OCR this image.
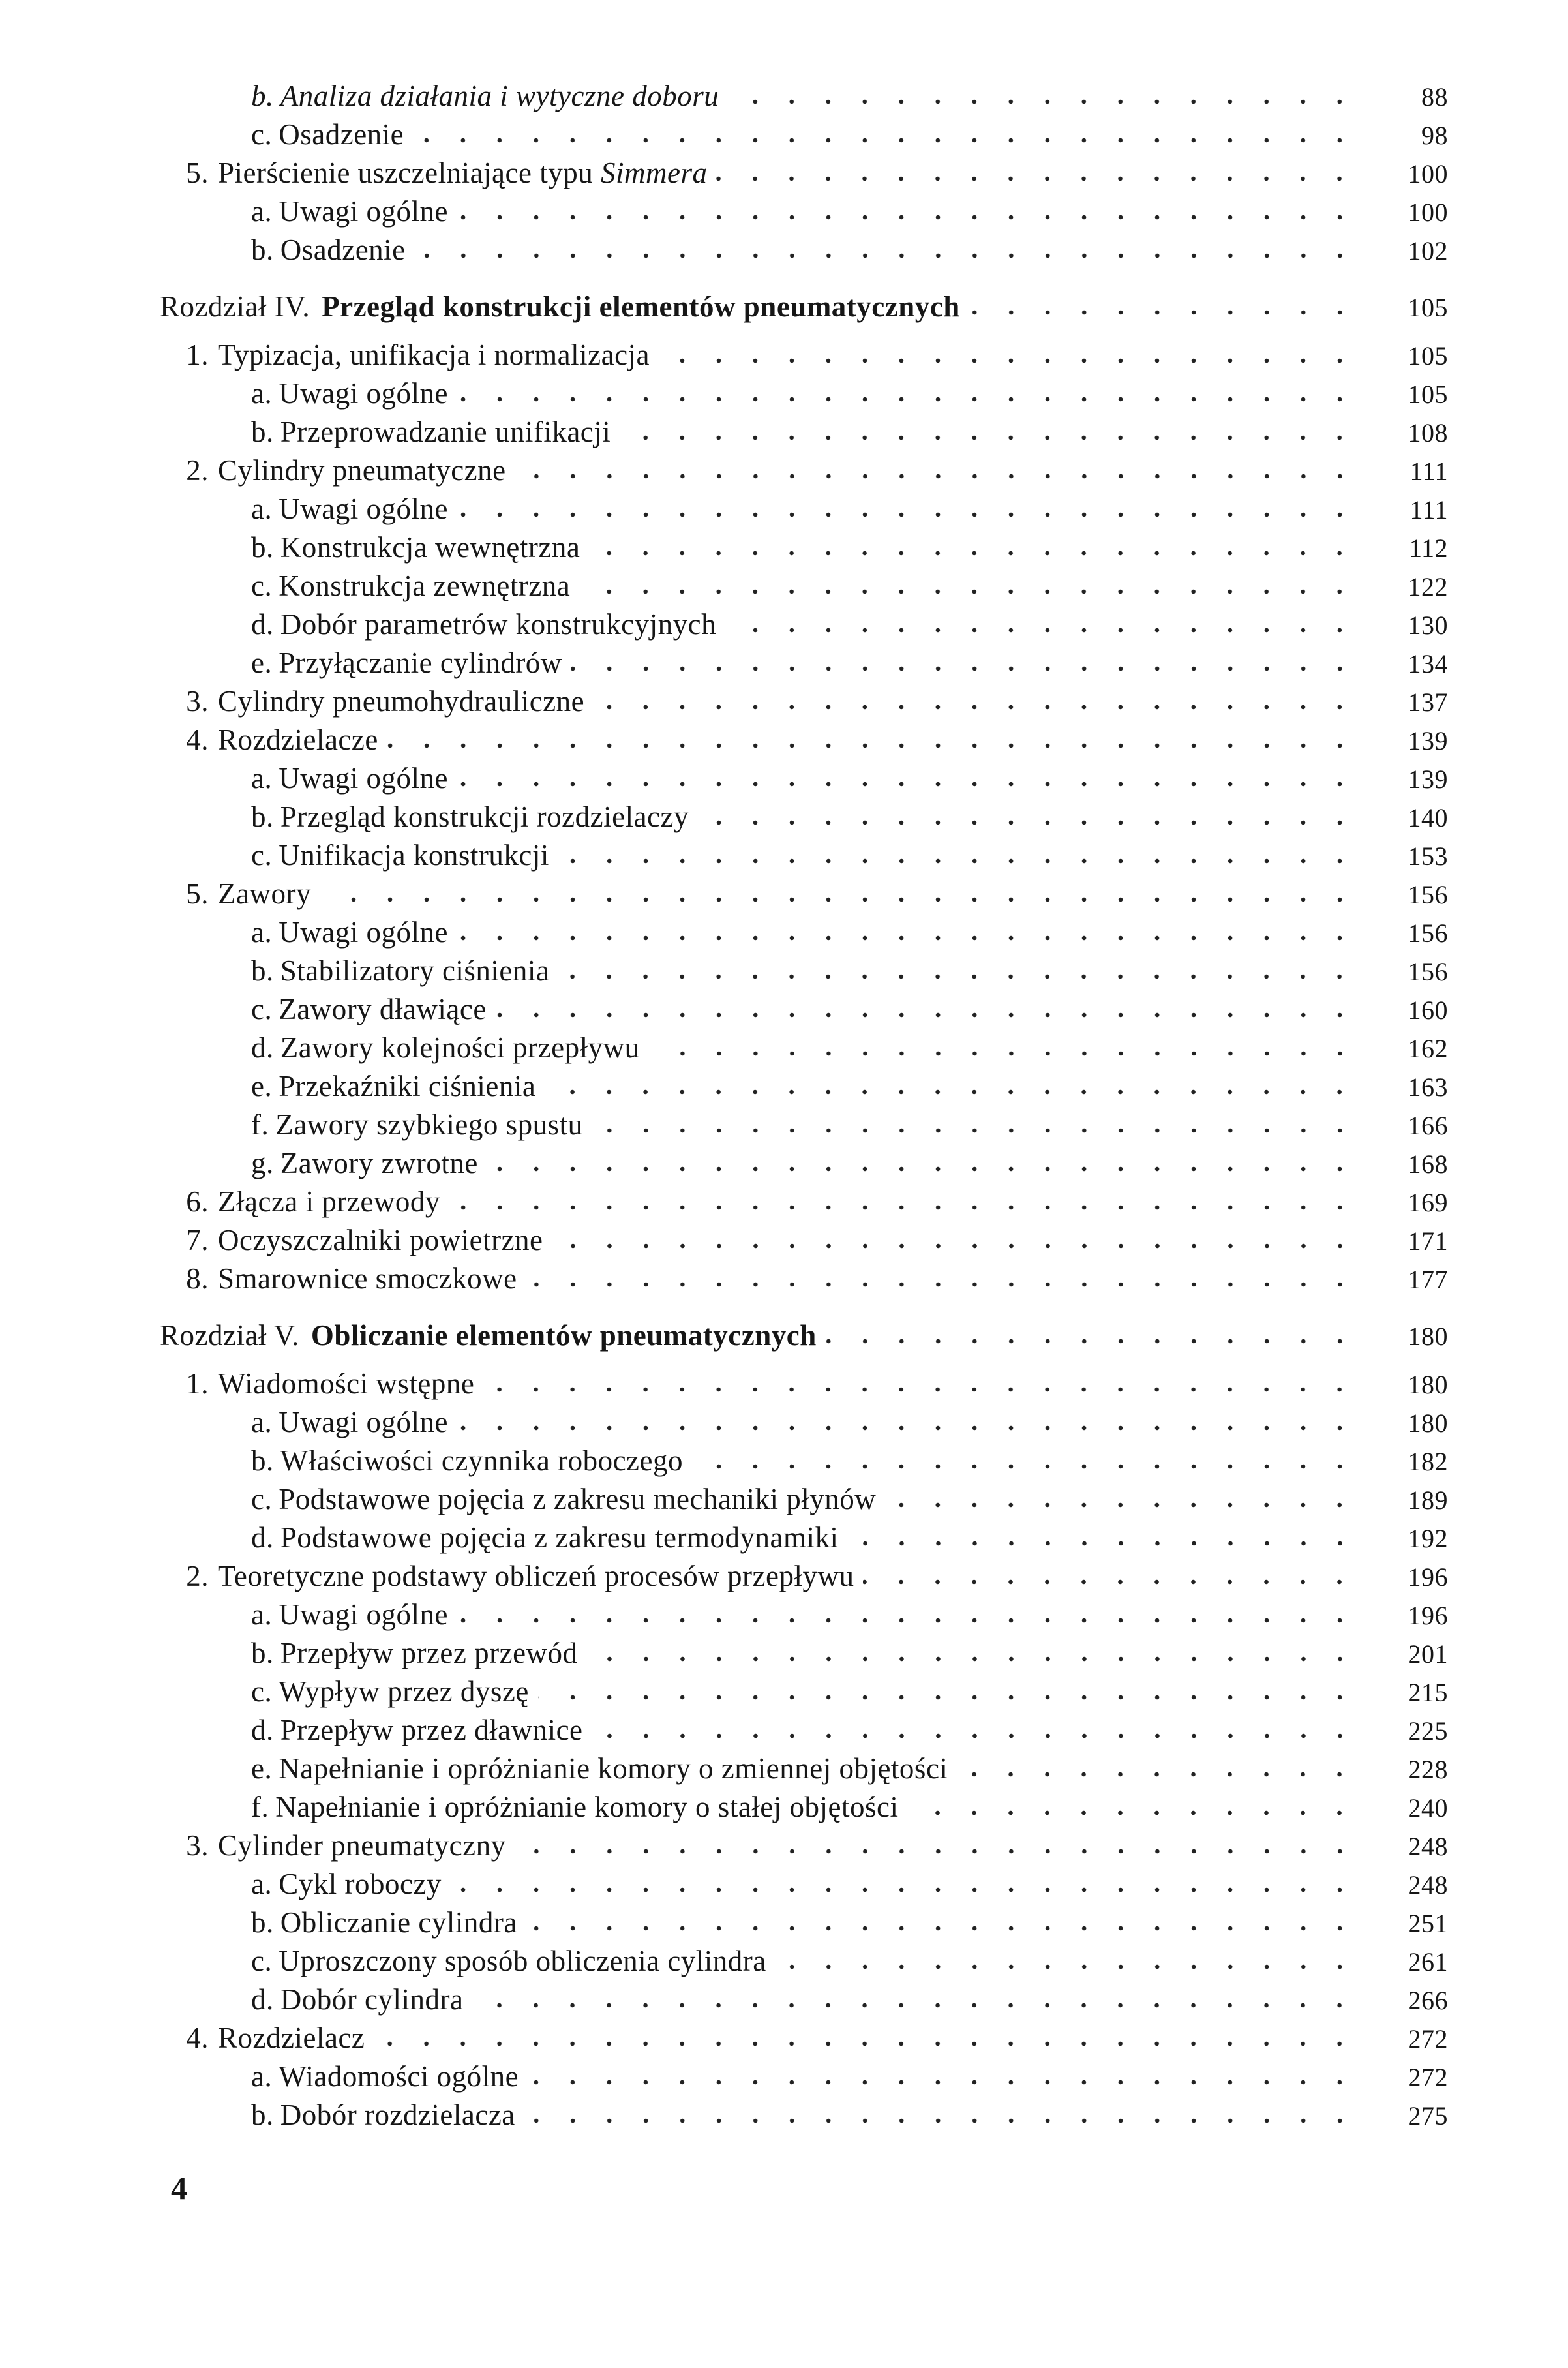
b. Analiza działania i wytyczne doboru	88
c. Osadzenie	98
5. Pierścienie uszczelniające typu Simmera	100
a. Uwagi ogólne	100
b. Osadzenie	102
Rozdział IV. Przegląd konstrukcji elementów pneumatycznych	105
1. Typizacja, unifikacja i normalizacja	105
a. Uwagi ogólne	105
b. Przeprowadzanie unifikacji	108
2. Cylindry pneumatyczne	111
a. Uwagi ogólne	111
b. Konstrukcja wewnętrzna	112
c. Konstrukcja zewnętrzna	122
d. Dobór parametrów konstrukcyjnych	130
e. Przyłączanie cylindrów	134
3. Cylindry pneumohydrauliczne	137
4. Rozdzielacze	139
a. Uwagi ogólne	139
b. Przegląd konstrukcji rozdzielaczy	140
c. Unifikacja konstrukcji	153
5. Zawory	156
a. Uwagi ogólne	156
b. Stabilizatory ciśnienia	156
c. Zawory dławiące	160
d. Zawory kolejności przepływu	162
e. Przekaźniki ciśnienia	163
f. Zawory szybkiego spustu	166
g. Zawory zwrotne	168
6. Złącza i przewody	169
7. Oczyszczalniki powietrzne	171
8. Smarownice smoczkowe	177
Rozdział V. Obliczanie elementów pneumatycznych	180
1. Wiadomości wstępne	180
a. Uwagi ogólne	180
b. Właściwości czynnika roboczego	182
c. Podstawowe pojęcia z zakresu mechaniki płynów	189
d. Podstawowe pojęcia z zakresu termodynamiki	192
2. Teoretyczne podstawy obliczeń procesów przepływu	196
a. Uwagi ogólne	196
b. Przepływ przez przewód	201
c. Wypływ przez dyszę	215
d. Przepływ przez dławnice	225
e. Napełnianie i opróżnianie komory o zmiennej objętości	228
f. Napełnianie i opróżnianie komory o stałej objętości	240
3. Cylinder pneumatyczny	248
a. Cykl roboczy	248
b. Obliczanie cylindra	251
c. Uproszczony sposób obliczenia cylindra	261
d. Dobór cylindra	266
4. Rozdzielacz	272
a. Wiadomości ogólne	272
b. Dobór rozdzielacza	275
4
